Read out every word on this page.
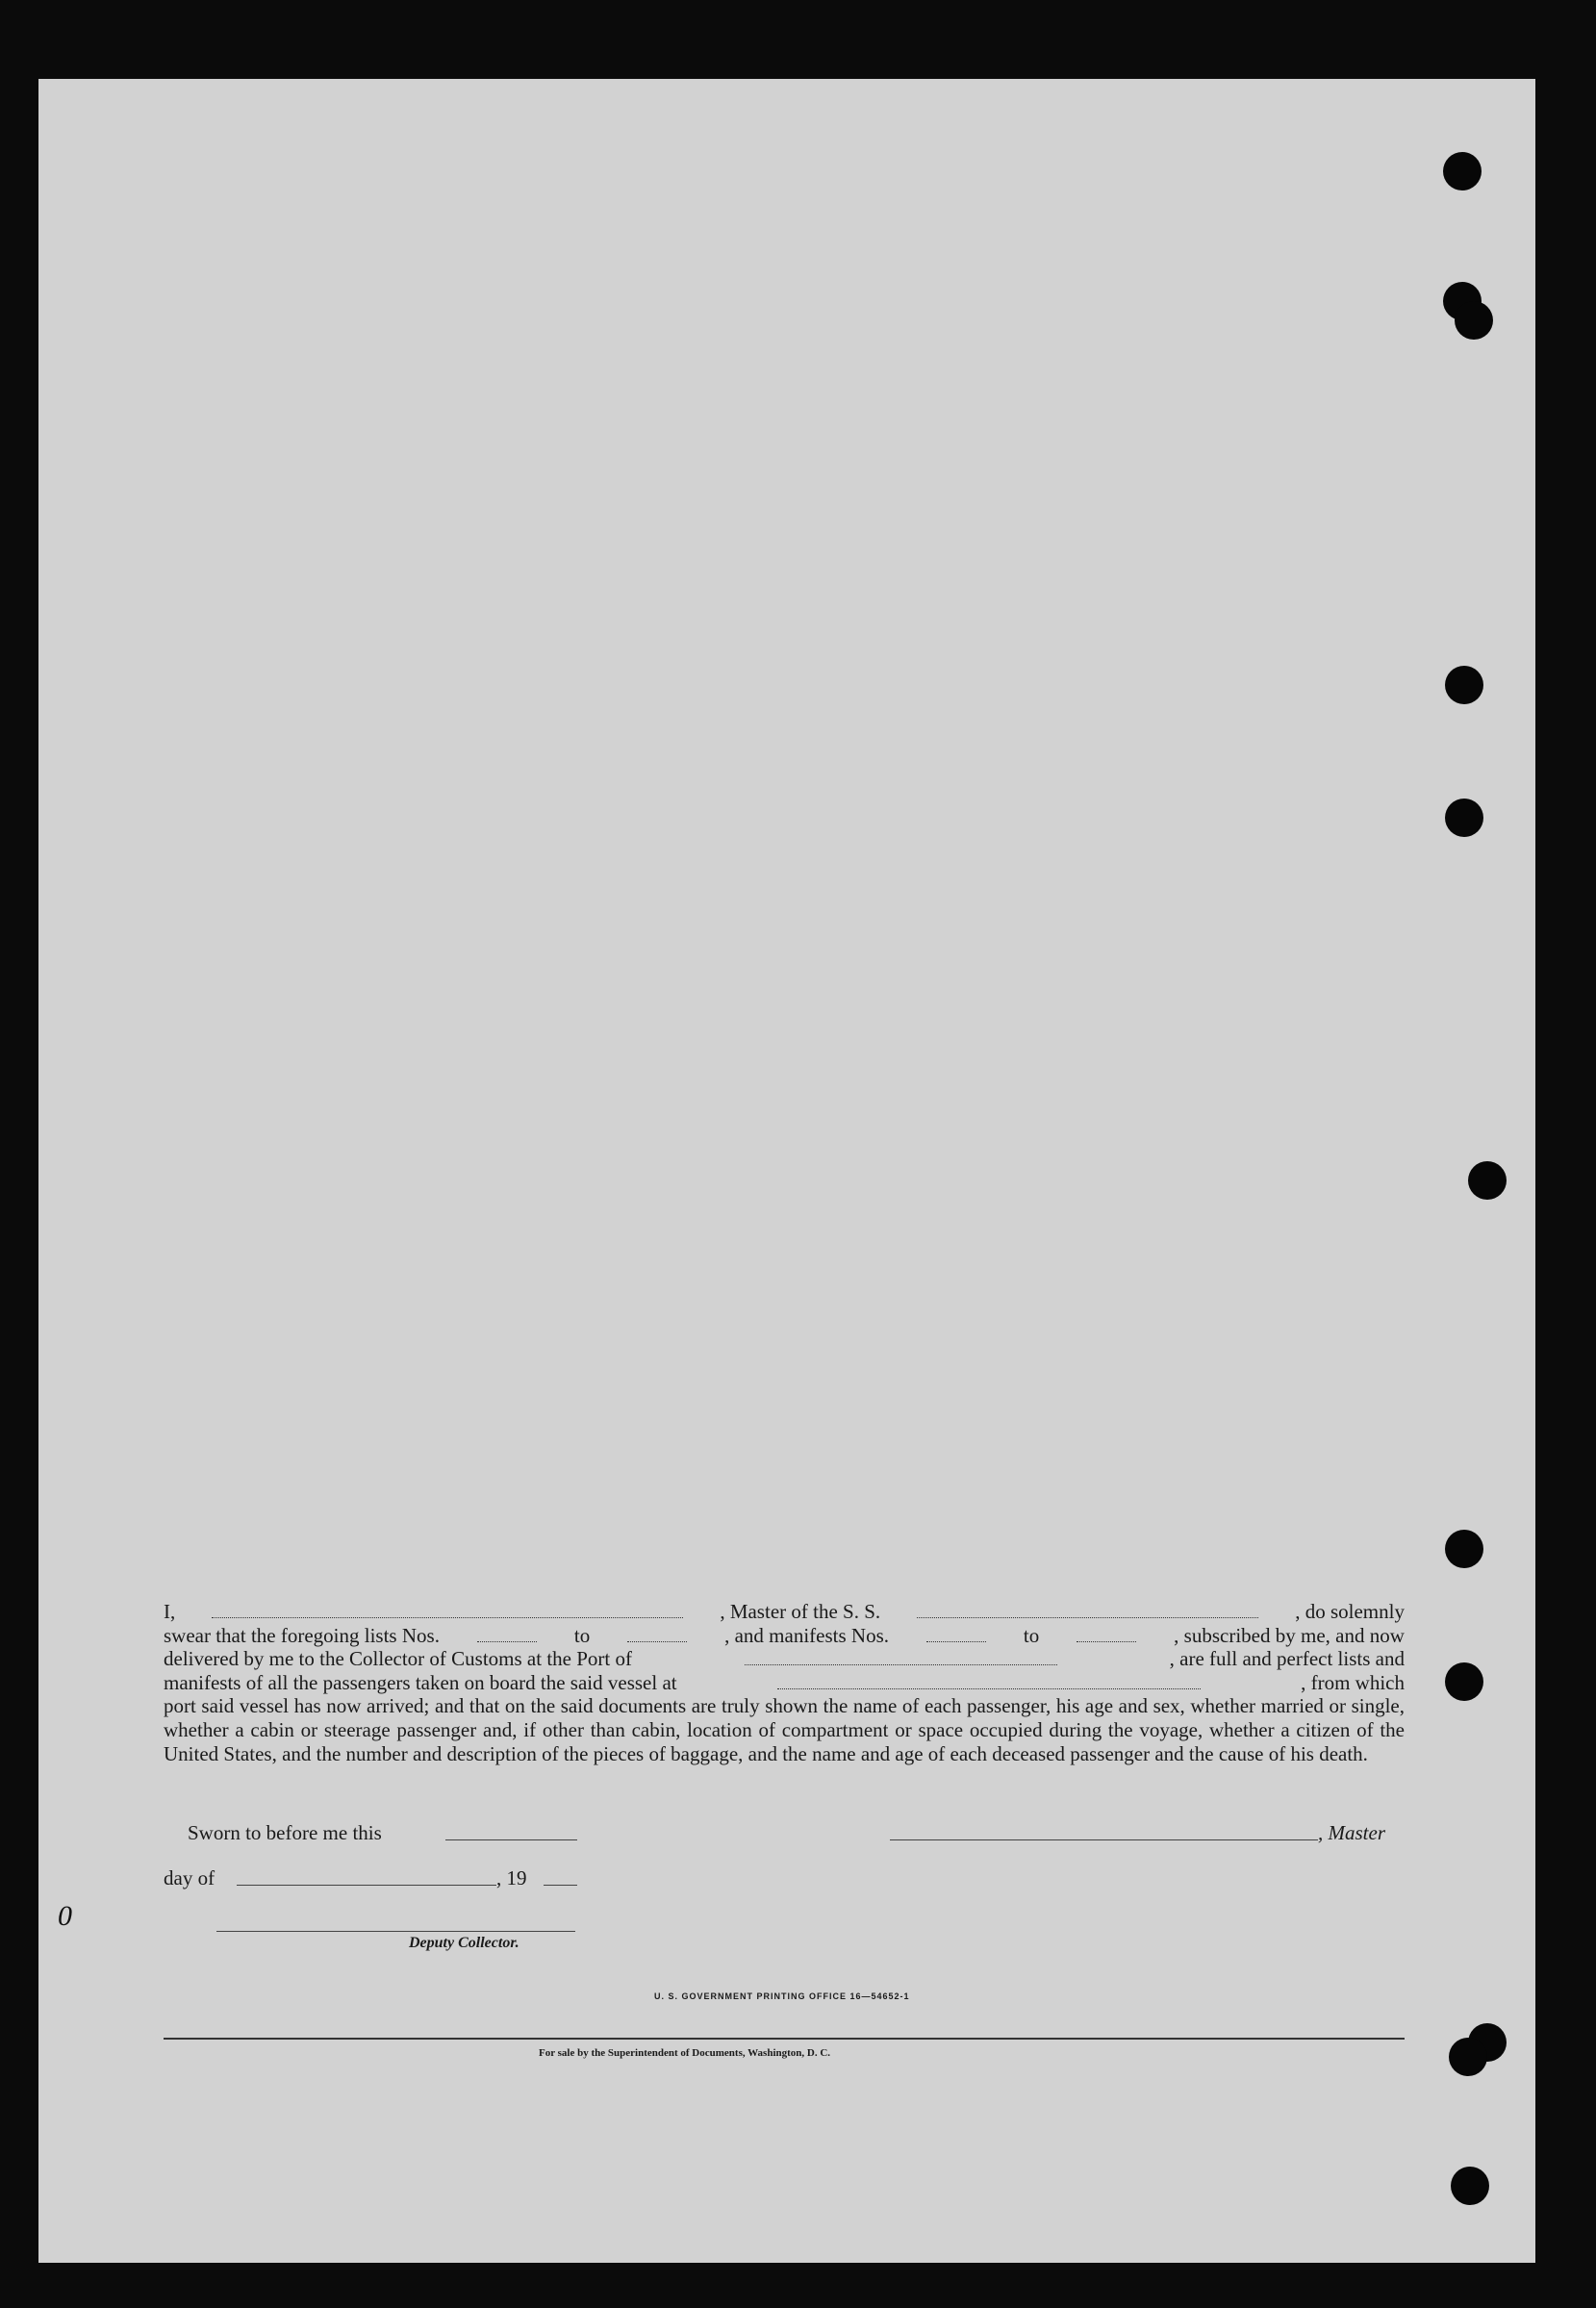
0
I,	, Master of the S. S.	, do solemnly
swear that the foregoing lists Nos.	to	, and manifests Nos.	to	, subscribed by me, and now
delivered by me to the Collector of Customs at the Port of	, are full and perfect lists and
manifests of all the passengers taken on board the said vessel at	, from which

port said vessel has now arrived; and that on the said documents are truly shown the name of each passenger, his age and sex, whether married or single, whether a cabin or steerage passenger and, if other than cabin, location of compartment or space occupied during the voyage, whether a citizen of the United States, and the number and description of the pieces of baggage, and the name and age of each deceased passenger and the cause of his death.

Sworn to before me this	, Master
day of	, 19
Deputy Collector.
U. S. GOVERNMENT PRINTING OFFICE 16—54652-1
For sale by the Superintendent of Documents, Washington, D. C.
